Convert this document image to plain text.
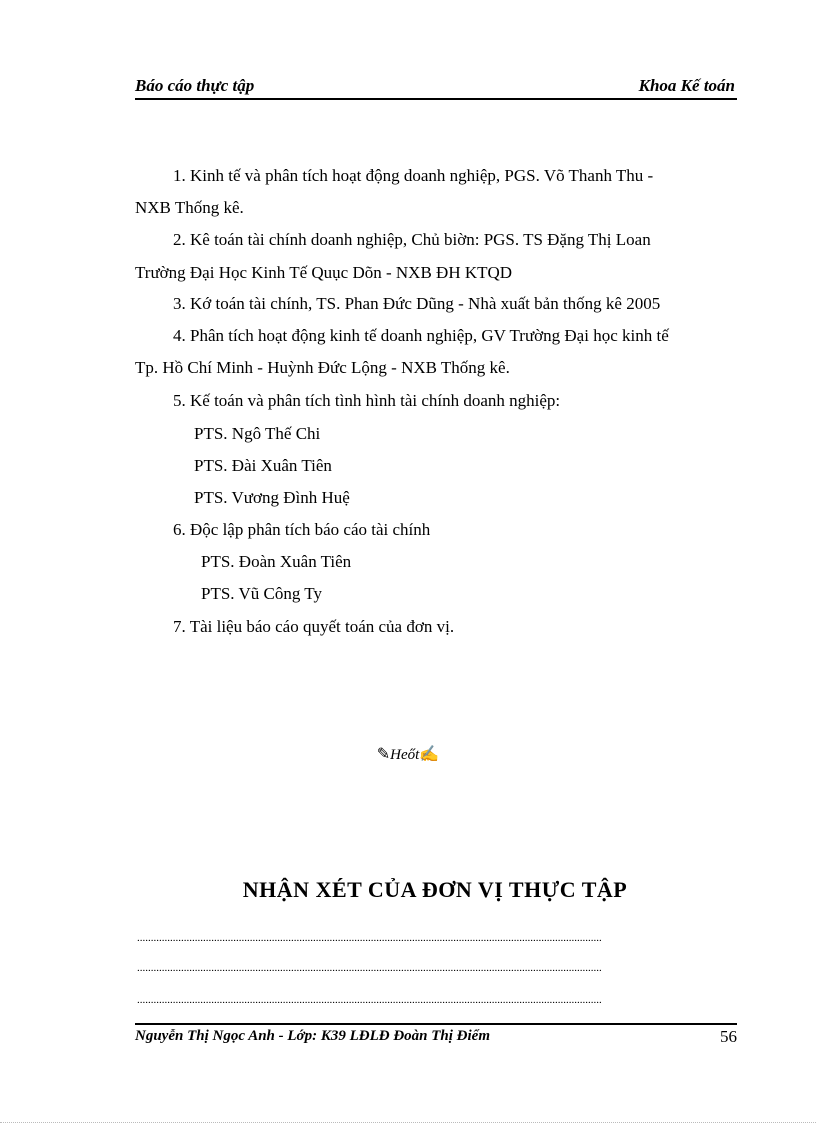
Báo cáo thực tập	Khoa Kế toán
1. Kinh tế và phân tích hoạt động doanh nghiệp, PGS. Võ Thanh Thu -
NXB Thống kê.
2. Kê toán tài chính doanh nghiệp, Chủ biờn: PGS. TS Đặng Thị Loan
Trường Đại Học Kinh Tế Quục Dõn - NXB ĐH KTQD
3. Kớ toán tài chính, TS. Phan Đức Dũng - Nhà xuất bản thống kê 2005
4. Phân tích hoạt động kinh tế doanh nghiệp, GV Trường Đại học kinh tế
Tp. Hồ Chí Minh - Huỳnh Đức Lộng - NXB Thống kê.
5. Kế toán và phân tích tình hình tài chính doanh nghiệp:
PTS. Ngô Thế Chi
PTS. Đài Xuân Tiên
PTS. Vương Đình Huệ
6. Độc lập phân tích báo cáo tài chính
PTS. Đoàn Xuân Tiên
PTS. Vũ Công Ty
7. Tài liệu báo cáo quyết toán của đơn vị.
✎Heőt✍
NHẬN XÉT CỦA ĐƠN VỊ THỰC TẬP
.........................................................................................................................................................................
.........................................................................................................................................................................
.........................................................................................................................................................................
Nguyễn Thị Ngọc Anh - Lớp: K39 LĐLĐ Đoàn Thị Điểm	56
